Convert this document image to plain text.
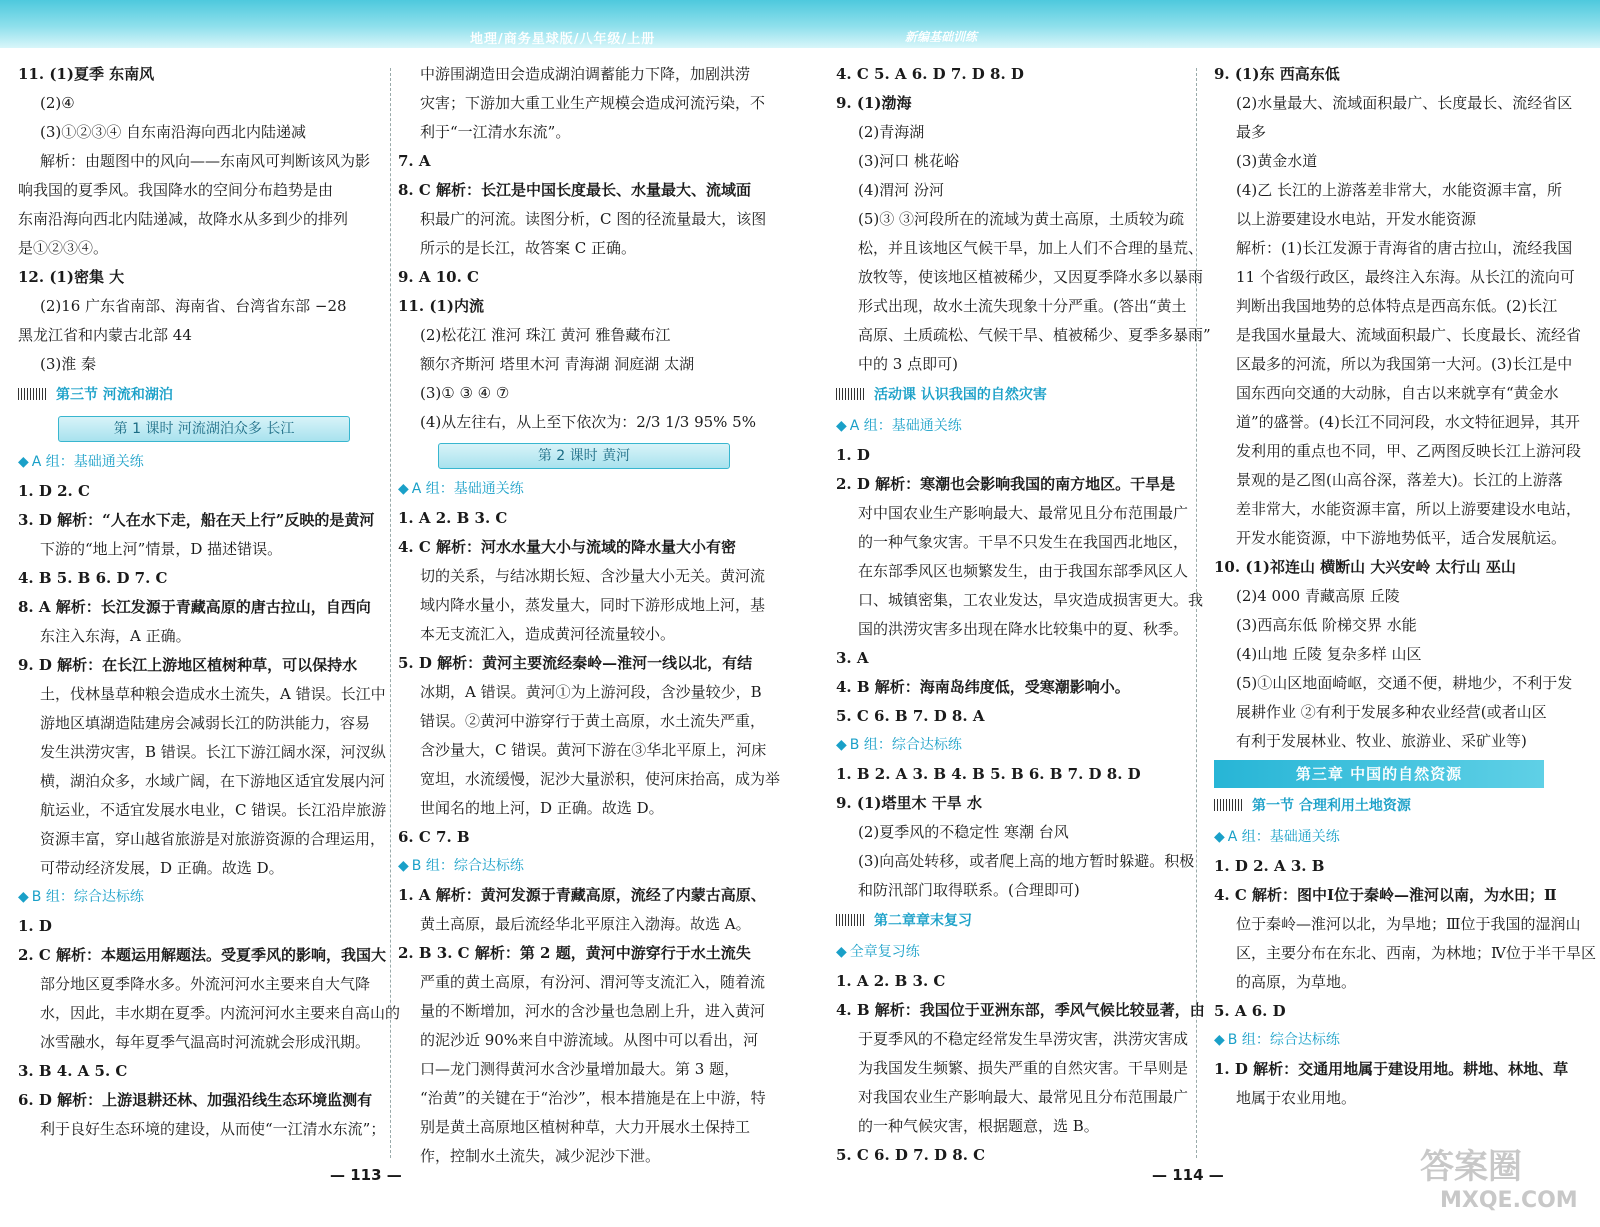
地理/商务星球版/八年级/上册	新编基础训练
11. (1)夏季 东南风
(2)④
(3)①②③④ 自东南沿海向西北内陆递减
解析：由题图中的风向——东南风可判断该风为影
响我国的夏季风。我国降水的空间分布趋势是由
东南沿海向西北内陆递减，故降水从多到少的排列
是①②③④。
12. (1)密集 大
(2)16 广东省南部、海南省、台湾省东部 −28
黑龙江省和内蒙古北部 44
(3)淮 秦
第三节 河流和湖泊
第 1 课时 河流湖泊众多 长江
◆ A 组：基础通关练
1. D 2. C
3. D 解析：“人在水下走，船在天上行”反映的是黄河
下游的“地上河”情景，D 描述错误。
4. B 5. B 6. D 7. C
8. A 解析：长江发源于青藏高原的唐古拉山，自西向
东注入东海，A 正确。
9. D 解析：在长江上游地区植树种草，可以保持水
土，伐林垦草种粮会造成水土流失，A 错误。长江中
游地区填湖造陆建房会减弱长江的防洪能力，容易
发生洪涝灾害，B 错误。长江下游江阔水深，河汊纵
横，湖泊众多，水域广阔，在下游地区适宜发展内河
航运业，不适宜发展水电业，C 错误。长江沿岸旅游
资源丰富，穿山越省旅游是对旅游资源的合理运用，
可带动经济发展，D 正确。故选 D。
◆ B 组：综合达标练
1. D
2. C 解析：本题运用解题法。受夏季风的影响，我国大
部分地区夏季降水多。外流河河水主要来自大气降
水，因此，丰水期在夏季。内流河河水主要来自高山的
冰雪融水，每年夏季气温高时河流就会形成汛期。
3. B 4. A 5. C
6. D 解析：上游退耕还林、加强沿线生态环境监测有
利于良好生态环境的建设，从而使“一江清水东流”；
中游围湖造田会造成湖泊调蓄能力下降，加剧洪涝
灾害；下游加大重工业生产规模会造成河流污染，不
利于“一江清水东流”。
7. A
8. C 解析：长江是中国长度最长、水量最大、流域面
积最广的河流。读图分析，C 图的径流量最大，该图
所示的是长江，故答案 C 正确。
9. A 10. C
11. (1)内流
(2)松花江 淮河 珠江 黄河 雅鲁藏布江
额尔齐斯河 塔里木河 青海湖 洞庭湖 太湖
(3)① ③ ④ ⑦
(4)从左往右，从上至下依次为：2/3 1/3 95% 5%
第 2 课时 黄河
◆ A 组：基础通关练
1. A 2. B 3. C
4. C 解析：河水水量大小与流域的降水量大小有密
切的关系，与结冰期长短、含沙量大小无关。黄河流
域内降水量小，蒸发量大，同时下游形成地上河，基
本无支流汇入，造成黄河径流量较小。
5. D 解析：黄河主要流经秦岭—淮河一线以北，有结
冰期，A 错误。黄河①为上游河段，含沙量较少，B
错误。②黄河中游穿行于黄土高原，水土流失严重，
含沙量大，C 错误。黄河下游在③华北平原上，河床
宽坦，水流缓慢，泥沙大量淤积，使河床抬高，成为举
世闻名的地上河，D 正确。故选 D。
6. C 7. B
◆ B 组：综合达标练
1. A 解析：黄河发源于青藏高原，流经了内蒙古高原、
黄土高原，最后流经华北平原注入渤海。故选 A。
2. B 3. C 解析：第 2 题，黄河中游穿行于水土流失
严重的黄土高原，有汾河、渭河等支流汇入，随着流
量的不断增加，河水的含沙量也急剧上升，进入黄河
的泥沙近 90%来自中游流域。从图中可以看出，河
口—龙门测得黄河水含沙量增加最大。第 3 题，
“治黄”的关键在于“治沙”，根本措施是在上中游，特
别是黄土高原地区植树种草，大力开展水土保持工
作，控制水土流失，减少泥沙下泄。
4. C 5. A 6. D 7. D 8. D
9. (1)渤海
(2)青海湖
(3)河口 桃花峪
(4)渭河 汾河
(5)③ ③河段所在的流域为黄土高原，土质较为疏
松，并且该地区气候干旱，加上人们不合理的垦荒、
放牧等，使该地区植被稀少，又因夏季降水多以暴雨
形式出现，故水土流失现象十分严重。(答出“黄土
高原、土质疏松、气候干旱、植被稀少、夏季多暴雨”
中的 3 点即可)
活动课 认识我国的自然灾害
◆ A 组：基础通关练
1. D
2. D 解析：寒潮也会影响我国的南方地区。干旱是
对中国农业生产影响最大、最常见且分布范围最广
的一种气象灾害。干旱不只发生在我国西北地区，
在东部季风区也频繁发生，由于我国东部季风区人
口、城镇密集，工农业发达，旱灾造成损害更大。我
国的洪涝灾害多出现在降水比较集中的夏、秋季。
3. A
4. B 解析：海南岛纬度低，受寒潮影响小。
5. C 6. B 7. D 8. A
◆ B 组：综合达标练
1. B 2. A 3. B 4. B 5. B 6. B 7. D 8. D
9. (1)塔里木 干旱 水
(2)夏季风的不稳定性 寒潮 台风
(3)向高处转移，或者爬上高的地方暂时躲避。积极
和防汛部门取得联系。(合理即可)
第二章章末复习
◆ 全章复习练
1. A 2. B 3. C
4. B 解析：我国位于亚洲东部，季风气候比较显著，由
于夏季风的不稳定经常发生旱涝灾害，洪涝灾害成
为我国发生频繁、损失严重的自然灾害。干旱则是
对我国农业生产影响最大、最常见且分布范围最广
的一种气候灾害，根据题意，选 B。
5. C 6. D 7. D 8. C
9. (1)东 西高东低
(2)水量最大、流域面积最广、长度最长、流经省区
最多
(3)黄金水道
(4)乙 长江的上游落差非常大，水能资源丰富，所
以上游要建设水电站，开发水能资源
解析：(1)长江发源于青海省的唐古拉山，流经我国
11 个省级行政区，最终注入东海。从长江的流向可
判断出我国地势的总体特点是西高东低。(2)长江
是我国水量最大、流域面积最广、长度最长、流经省
区最多的河流，所以为我国第一大河。(3)长江是中
国东西向交通的大动脉，自古以来就享有“黄金水
道”的盛誉。(4)长江不同河段，水文特征迥异，其开
发利用的重点也不同，甲、乙两图反映长江上游河段
景观的是乙图(山高谷深，落差大)。长江的上游落
差非常大，水能资源丰富，所以上游要建设水电站，
开发水能资源，中下游地势低平，适合发展航运。
10. (1)祁连山 横断山 大兴安岭 太行山 巫山
(2)4 000 青藏高原 丘陵
(3)西高东低 阶梯交界 水能
(4)山地 丘陵 复杂多样 山区
(5)①山区地面崎岖，交通不便，耕地少，不利于发
展耕作业 ②有利于发展多种农业经营(或者山区
有利于发展林业、牧业、旅游业、采矿业等)
第三章 中国的自然资源
第一节 合理利用土地资源
◆ A 组：基础通关练
1. D 2. A 3. B
4. C 解析：图中Ⅰ位于秦岭—淮河以南，为水田；Ⅱ
位于秦岭—淮河以北，为旱地；Ⅲ位于我国的湿润山
区，主要分布在东北、西南，为林地；Ⅳ位于半干旱区
的高原，为草地。
5. A 6. D
◆ B 组：综合达标练
1. D 解析：交通用地属于建设用地。耕地、林地、草
地属于农业用地。
— 113 —	— 114 —	答案圈
MXQE.COM
